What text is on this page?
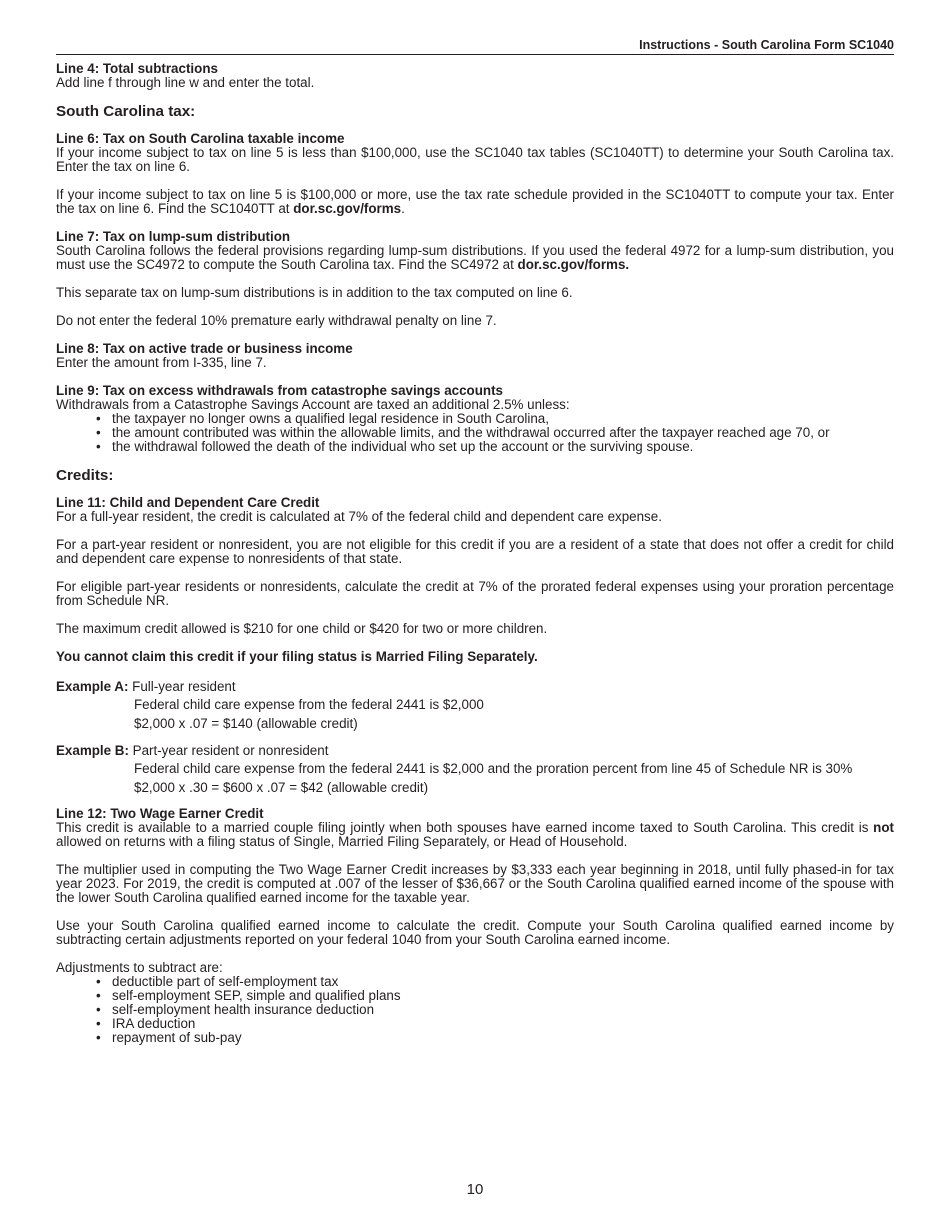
Instructions - South Carolina Form SC1040
Line 4: Total subtractions

Add line f through line w and enter the total.

South Carolina tax:
Line 6: Tax on South Carolina taxable income

If your income subject to tax on line 5 is less than $100,000, use the SC1040 tax tables (SC1040TT) to determine your South Carolina tax. Enter the tax on line 6.

If your income subject to tax on line 5 is $100,000 or more, use the tax rate schedule provided in the SC1040TT to compute your tax. Enter the tax on line 6. Find the SC1040TT at dor.sc.gov/forms.

Line 7: Tax on lump-sum distribution

South Carolina follows the federal provisions regarding lump-sum distributions. If you used the federal 4972 for a lump-sum distribution, you must use the SC4972 to compute the South Carolina tax. Find the SC4972 at dor.sc.gov/forms.

This separate tax on lump-sum distributions is in addition to the tax computed on line 6.

Do not enter the federal 10% premature early withdrawal penalty on line 7.

Line 8: Tax on active trade or business income

Enter the amount from I-335, line 7.

Line 9: Tax on excess withdrawals from catastrophe savings accounts

Withdrawals from a Catastrophe Savings Account are taxed an additional 2.5% unless:

• the taxpayer no longer owns a qualified legal residence in South Carolina,
• the amount contributed was within the allowable limits, and the withdrawal occurred after the taxpayer reached age 70, or
• the withdrawal followed the death of the individual who set up the account or the surviving spouse.
Credits:
Line 11: Child and Dependent Care Credit

For a full-year resident, the credit is calculated at 7% of the federal child and dependent care expense.

For a part-year resident or nonresident, you are not eligible for this credit if you are a resident of a state that does not offer a credit for child and dependent care expense to nonresidents of that state.

For eligible part-year residents or nonresidents, calculate the credit at 7% of the prorated federal expenses using your proration percentage from Schedule NR.

The maximum credit allowed is $210 for one child or $420 for two or more children.

You cannot claim this credit if your filing status is Married Filing Separately.

Example A: Full-year resident

Federal child care expense from the federal 2441 is $2,000
$2,000 x .07 = $140 (allowable credit)

Example B: Part-year resident or nonresident

Federal child care expense from the federal 2441 is $2,000 and the proration percent from line 45 of Schedule NR is 30%
$2,000 x .30 = $600 x .07 = $42 (allowable credit)
Line 12: Two Wage Earner Credit

This credit is available to a married couple filing jointly when both spouses have earned income taxed to South Carolina. This credit is not allowed on returns with a filing status of Single, Married Filing Separately, or Head of Household.

The multiplier used in computing the Two Wage Earner Credit increases by $3,333 each year beginning in 2018, until fully phased-in for tax year 2023. For 2019, the credit is computed at .007 of the lesser of $36,667 or the South Carolina qualified earned income of the spouse with the lower South Carolina qualified earned income for the taxable year.

Use your South Carolina qualified earned income to calculate the credit. Compute your South Carolina qualified earned income by subtracting certain adjustments reported on your federal 1040 from your South Carolina earned income.

Adjustments to subtract are:

• deductible part of self-employment tax
• self-employment SEP, simple and qualified plans
• self-employment health insurance deduction
• IRA deduction
• repayment of sub-pay
10
